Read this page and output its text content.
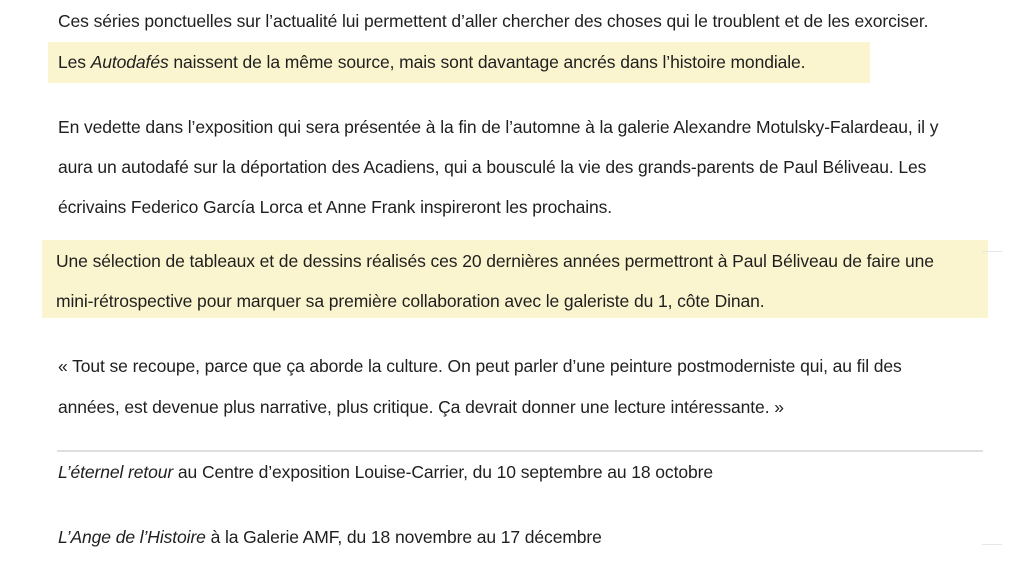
Ces séries ponctuelles sur l’actualité lui permettent d’aller chercher des choses qui le troublent et de les exorciser.
Les Autodafés naissent de la même source, mais sont davantage ancrés dans l’histoire mondiale.
En vedette dans l’exposition qui sera présentée à la fin de l’automne à la galerie Alexandre Motulsky-Falardeau, il y
aura un autodafé sur la déportation des Acadiens, qui a bousculé la vie des grands-parents de Paul Béliveau. Les
écrivains Federico García Lorca et Anne Frank inspireront les prochains.
Une sélection de tableaux et de dessins réalisés ces 20 dernières années permettront à Paul Béliveau de faire une
mini-rétrospective pour marquer sa première collaboration avec le galeriste du 1, côte Dinan.
« Tout se recoupe, parce que ça aborde la culture. On peut parler d’une peinture postmoderniste qui, au fil des
années, est devenue plus narrative, plus critique. Ça devrait donner une lecture intéressante. »
L’éternel retour au Centre d’exposition Louise-Carrier, du 10 septembre au 18 octobre
L’Ange de l’Histoire à la Galerie AMF, du 18 novembre au 17 décembre
